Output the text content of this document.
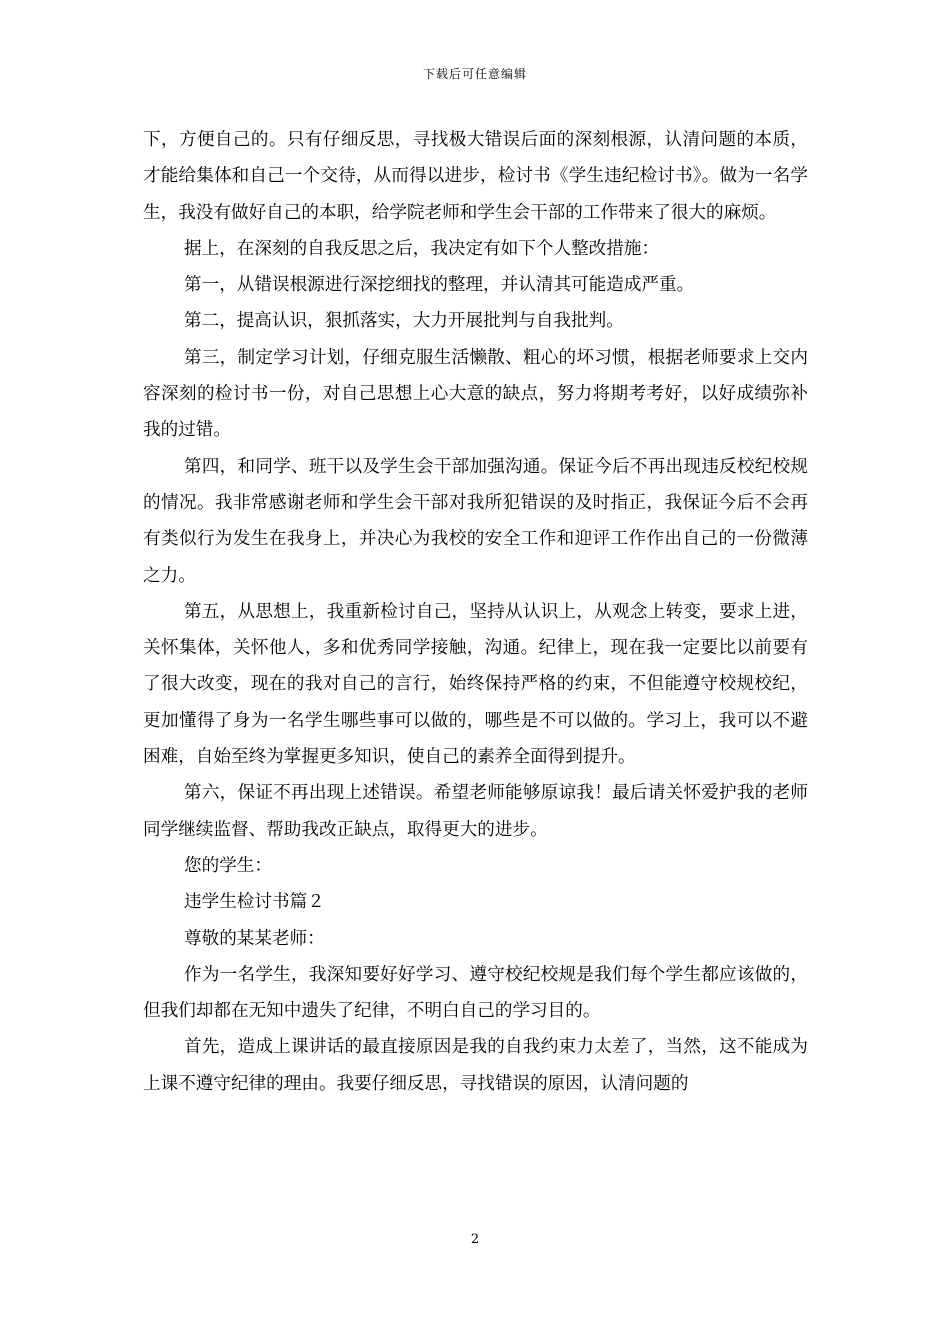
下载后可任意编辑

下，方便自己的。只有仔细反思，寻找极大错误后面的深刻根源，认清问题的本质，才能给集体和自己一个交待，从而得以进步，检讨书《学生违纪检讨书》。做为一名学生，我没有做好自己的本职，给学院老师和学生会干部的工作带来了很大的麻烦。

据上，在深刻的自我反思之后，我决定有如下个人整改措施：

第一，从错误根源进行深挖细找的整理，并认清其可能造成严重。

第二，提高认识，狠抓落实，大力开展批判与自我批判。

第三，制定学习计划，仔细克服生活懒散、粗心的坏习惯，根据老师要求上交内容深刻的检讨书一份，对自己思想上心大意的缺点，努力将期考考好，以好成绩弥补我的过错。

第四，和同学、班干以及学生会干部加强沟通。保证今后不再出现违反校纪校规的情况。我非常感谢老师和学生会干部对我所犯错误的及时指正，我保证今后不会再有类似行为发生在我身上，并决心为我校的安全工作和迎评工作作出自己的一份微薄之力。

第五，从思想上，我重新检讨自己，坚持从认识上，从观念上转变，要求上进，关怀集体，关怀他人，多和优秀同学接触，沟通。纪律上，现在我一定要比以前要有了很大改变，现在的我对自己的言行，始终保持严格的约束，不但能遵守校规校纪，更加懂得了身为一名学生哪些事可以做的，哪些是不可以做的。学习上，我可以不避困难，自始至终为掌握更多知识，使自己的素养全面得到提升。

第六，保证不再出现上述错误。希望老师能够原谅我！最后请关怀爱护我的老师同学继续监督、帮助我改正缺点，取得更大的进步。

您的学生：

违学生检讨书篇２

尊敬的某某老师：

作为一名学生，我深知要好好学习、遵守校纪校规是我们每个学生都应该做的，但我们却都在无知中遗失了纪律，不明白自己的学习目的。

首先，造成上课讲话的最直接原因是我的自我约束力太差了，当然，这不能成为上课不遵守纪律的理由。我要仔细反思，寻找错误的原因，认清问题的

2
